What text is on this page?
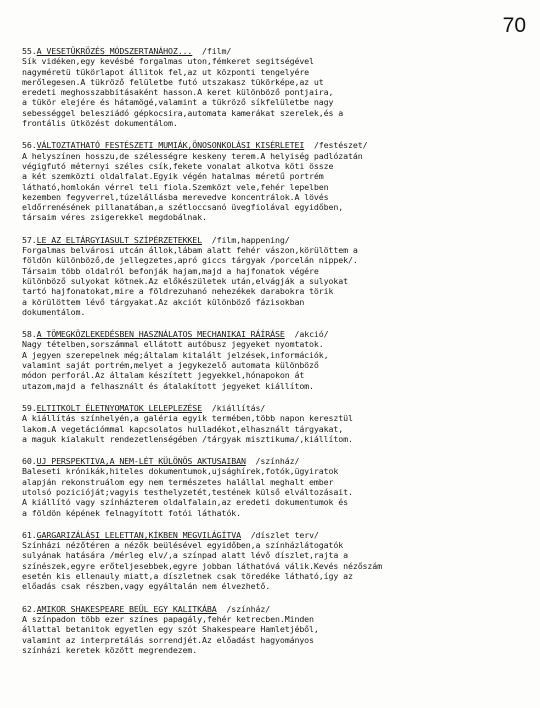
70
55.A VESETÜKRÖZÉS MÓDSZERTANÁHOZ... /film/
Sík vidéken,egy kevésbé forgalmas uton,fémkeret segitségével
nagyméretü tükörlapot állitok fel,az ut központi tengelyére
merőlegesen.A tükröző felületbe futó utszakasz tükörképe,az ut
eredeti meghosszabbitásaként hasson.A keret különböző pontjaira,
a tükör elejére és hátamögé,valamint a tükröző síkfelületbe nagy
sebességgel belesziádó gépkocsira,automata kamerákat szerelek,és a
frontális ütközést dokumentálom.
56.VÁLTOZTATHATÓ FESTÉSZETI MUMIÁK,ÖNOSONKOLÁSI KISÉRLETEI /festészet/
A helyszínen hosszu,de szélességre keskeny terem.A helyiség padlózatán
végigfutó méternyi széles csík,fekete vonalat alkotva köti össze
a két szemközti oldalfalat.Egyik végén hatalmas méretű portrém
látható,homlokán vérrel teli fiola.Szemközt vele,fehér lepelben
kezemben fegyverrel,túzelállásba merevedve koncentrálok.A lövés
eldőrrenésének pillanatában,a szétloccsanó üvegfiolával egyidőben,
társaim véres zsigerekkel megdobálnak.
57.LE AZ ELTÁRGYIASULT SZÍPÉRZETEKKEL /film,happening/
Forgalmas belvárosi utcán állok,lábam alatt fehér vászon,körülöttem a
földön különböző,de jellegzetes,apró giccs tárgyak /porcelán nippek/.
Társaim több oldalról befonják hajam,majd a hajfonatok végére
különböző sulyokat kötnek.Az előkészületek után,elvágják a sulyokat
tartó hajfonatokat,mire a földrezuhanó nehezékek darabokra törik
a körülöttem lévő tárgyakat.Az akciót különböző fázisokban
dokumentálom.
58.A TÖMEGKÖZLEKEDÉSBEN HASZNÁLATOS MECHANIKAI RÁÍRÁSE /akció/
Nagy tételben,sorszámmal ellátott autóbusz jegyeket nyomtatok.
A jegyen szerepelnek még;általam kitalált jelzések,információk,
valamint saját portrém,melyet a jegykezelő automata különböző
módon perforál.Az általam készített jegyekkel,hónapokon át
utazom,majd a felhasznált és átalakított jegyeket kiállítom.
59.ELTITKOLT ÉLETNYOMATOK LELEPLEZÉSE /kiállítás/
A kiállítás színhelyén,a galéria egyik termében,több napon keresztül
lakom.A vegetációmmal kapcsolatos hulladékot,elhasznált tárgyakat,
a maguk kialakult rendezetlenségében /tárgyak misztikuma/,kiállítom.
60.UJ PERSPEKTIVA,A NEM-LÉT KÜLÖNÖS AKTUSAIBAN /színház/
Baleseti krónikák,hiteles dokumentumok,ujsághírek,fotók,ügyiratok
alapján rekonstruálom egy nem természetes halállal meghalt ember
utolsó pozicióját;vagyis testhelyzetét,testének külső elváltozásait.
A kiállító vagy színházterem oldalfalain,az eredeti dokumentumok és
a földön képének felnagyított fotói láthatók.
61.GARGARIZÁLÁSI LELETTAN,KÍKBEN MEGVILÁGÍTVA /díszlet terv/
Színházi nézőtéren a nézők beülésével egyidőben,a színházlátogatók
sulyának hatására /mérleg elv/,a színpad alatt lévő díszlet,rajta a
színészek,egyre erőteljesebbek,egyre jobban láthatóvá válik.Kevés nézőszám
esetén kis ellenauly miatt,a díszletnek csak töredéke látható,így az
előadás csak részben,vagy egyáltalán nem élvezhető.
62.AMIKOR SHAKESPEARE BEÜL EGY KALITKÁBA /színház/
A színpadon több ezer színes papagály,fehér ketrecben.Minden
állattal betanitok egyetlen egy szót Shakespeare Hamletjéből,
valamint az interpretálás sorrendjét.Az előadást hagyományos
színházi keretek között megrendezem.
